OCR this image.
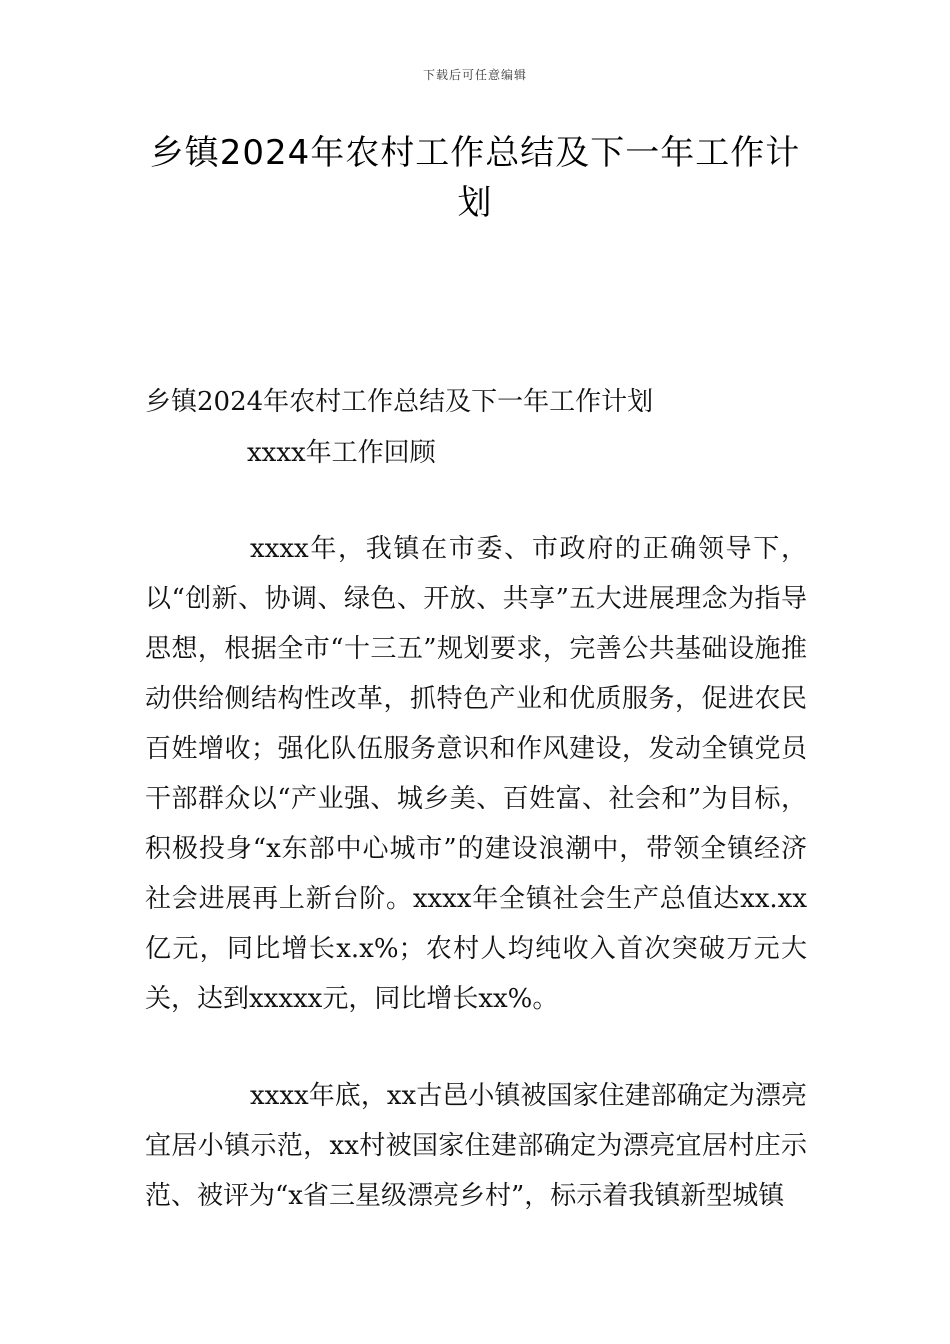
下载后可任意编辑
乡镇2024年农村工作总结及下一年工作计划
乡镇2024年农村工作总结及下一年工作计划
xxxx年工作回顾

xxxx年，我镇在市委、市政府的正确领导下，以“创新、协调、绿色、开放、共享”五大进展理念为指导思想，根据全市“十三五”规划要求，完善公共基础设施推动供给侧结构性改革，抓特色产业和优质服务，促进农民百姓增收；强化队伍服务意识和作风建设，发动全镇党员干部群众以“产业强、城乡美、百姓富、社会和”为目标，积极投身“x东部中心城市”的建设浪潮中，带领全镇经济社会进展再上新台阶。xxxx年全镇社会生产总值达xx.xx亿元，同比增长x.x%；农村人均纯收入首次突破万元大关，达到xxxxx元，同比增长xx%。

xxxx年底，xx古邑小镇被国家住建部确定为漂亮宜居小镇示范，xx村被国家住建部确定为漂亮宜居村庄示范、被评为“x省三星级漂亮乡村”，标示着我镇新型城镇
